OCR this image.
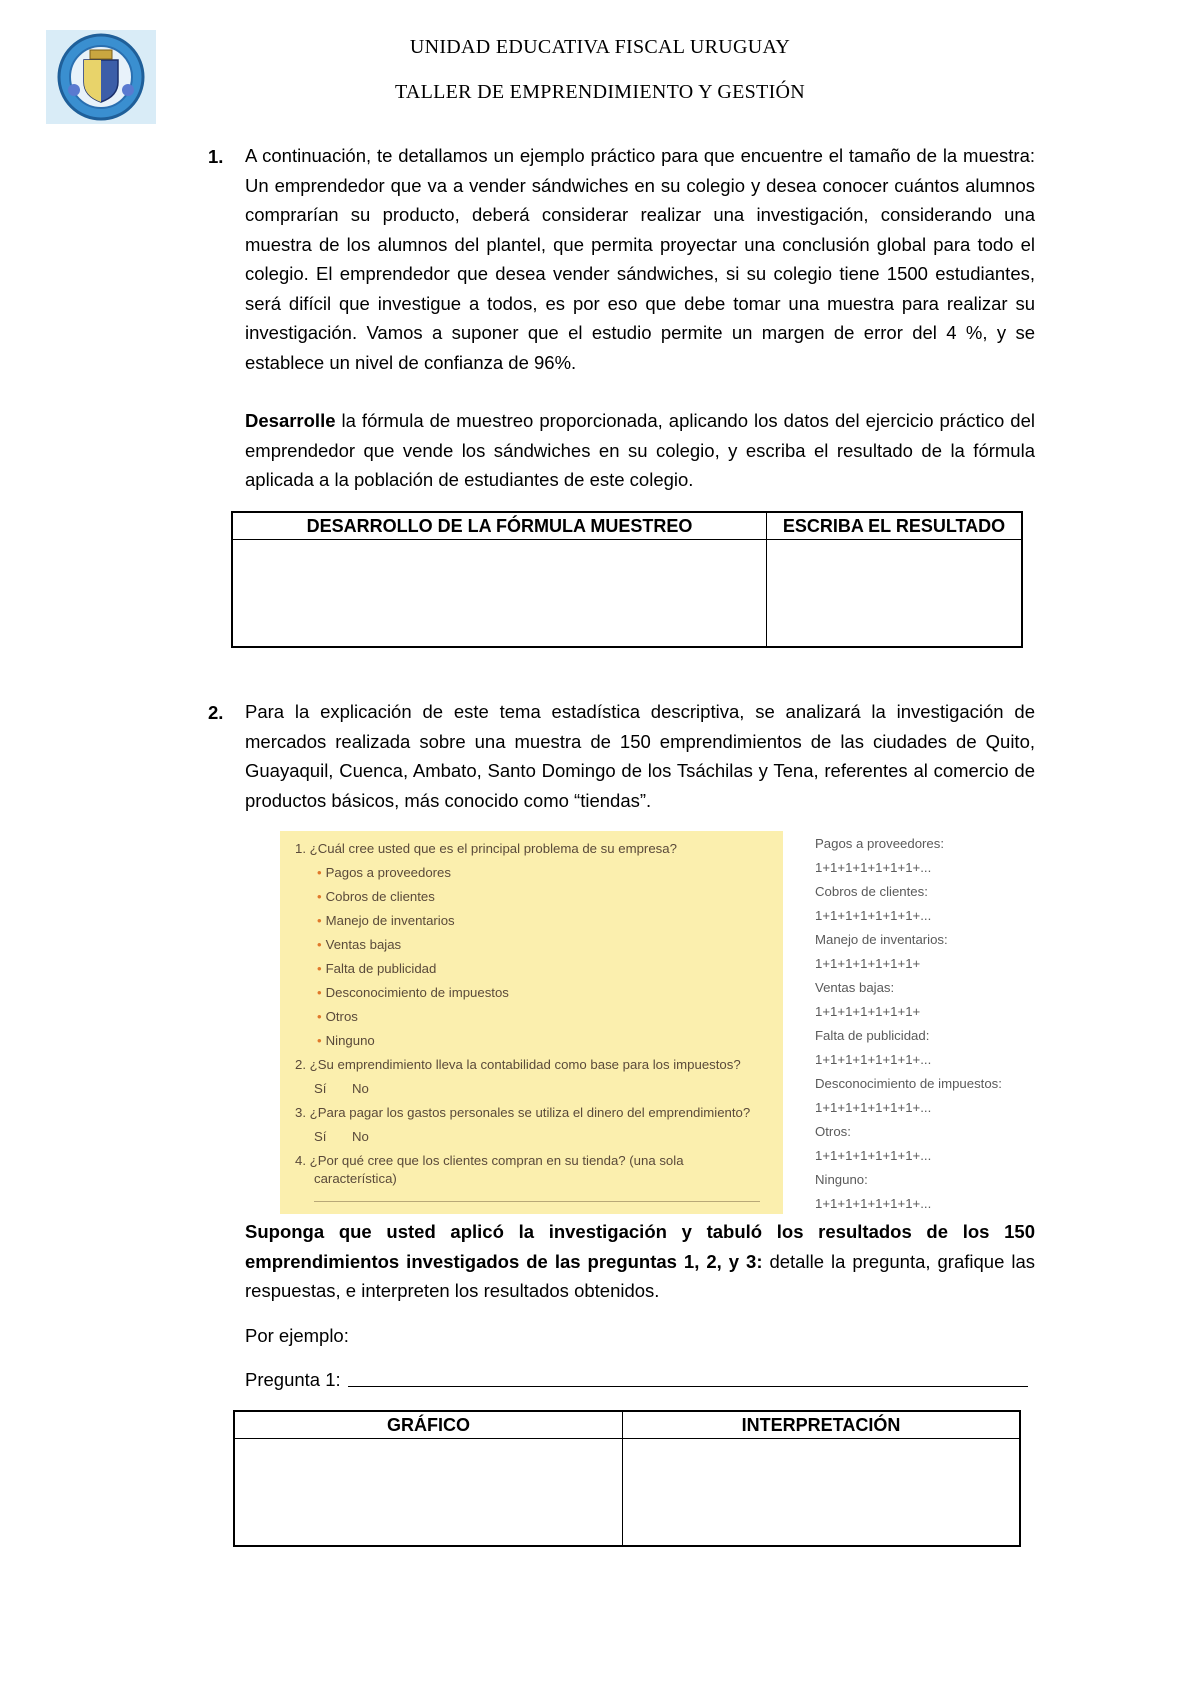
UNIDAD EDUCATIVA FISCAL URUGUAY
TALLER DE EMPRENDIMIENTO Y GESTIÓN
1. A continuación, te detallamos un ejemplo práctico para que encuentre el tamaño de la muestra: Un emprendedor que va a vender sándwiches en su colegio y desea conocer cuántos alumnos comprarían su producto, deberá considerar realizar una investigación, considerando una muestra de los alumnos del plantel, que permita proyectar una conclusión global para todo el colegio. El emprendedor que desea vender sándwiches, si su colegio tiene 1500 estudiantes, será difícil que investigue a todos, es por eso que debe tomar una muestra para realizar su investigación. Vamos a suponer que el estudio permite un margen de error del 4 %, y se establece un nivel de confianza de 96%.

Desarrolle la fórmula de muestreo proporcionada, aplicando los datos del ejercicio práctico del emprendedor que vende los sándwiches en su colegio, y escriba el resultado de la fórmula aplicada a la población de estudiantes de este colegio.

DESARROLLO DE LA FÓRMULA MUESTREO	ESCRIBA EL RESULTADO

2. Para la explicación de este tema estadística descriptiva, se analizará la investigación de mercados realizada sobre una muestra de 150 emprendimientos de las ciudades de Quito, Guayaquil, Cuenca, Ambato, Santo Domingo de los Tsáchilas y Tena, referentes al comercio de productos básicos, más conocido como “tiendas”.

1. ¿Cuál cree usted que es el principal problema de su empresa?
• Pagos a proveedores
• Cobros de clientes
• Manejo de inventarios
• Ventas bajas
• Falta de publicidad
• Desconocimiento de impuestos
• Otros
• Ninguno
2. ¿Su emprendimiento lleva la contabilidad como base para los impuestos?
Sí No
3. ¿Para pagar los gastos personales se utiliza el dinero del emprendimiento?
Sí No
4. ¿Por qué cree que los clientes compran en su tienda? (una sola
característica)
Pagos a proveedores:
1+1+1+1+1+1+1+...
Cobros de clientes:
1+1+1+1+1+1+1+...
Manejo de inventarios:
1+1+1+1+1+1+1+
Ventas bajas:
1+1+1+1+1+1+1+
Falta de publicidad:
1+1+1+1+1+1+1+...
Desconocimiento de impuestos:
1+1+1+1+1+1+1+...
Otros:
1+1+1+1+1+1+1+...
Ninguno:
1+1+1+1+1+1+1+...

Suponga que usted aplicó la investigación y tabuló los resultados de los 150 emprendimientos investigados de las preguntas 1, 2, y 3: detalle la pregunta, grafique las respuestas, e interpreten los resultados obtenidos.

Por ejemplo:
Pregunta 1:
GRÁFICO	INTERPRETACIÓN
